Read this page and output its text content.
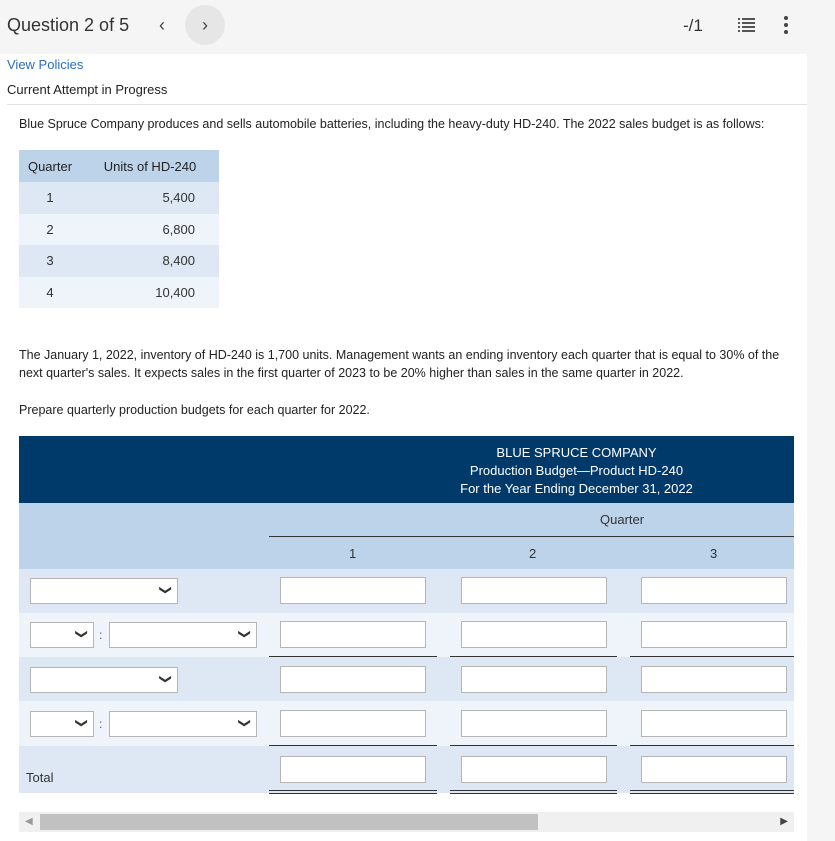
Question 2 of 5	‹	›	-/1
View Policies
Current Attempt in Progress
Blue Spruce Company produces and sells automobile batteries, including the heavy-duty HD-240. The 2022 sales budget is as follows:
Quarter	Units of HD-240
1	5,400
2	6,800
3	8,400
4	10,400
The January 1, 2022, inventory of HD-240 is 1,700 units. Management wants an ending inventory each quarter that is equal to 30% of the next quarter's sales. It expects sales in the first quarter of 2023 to be 20% higher than sales in the same quarter in 2022.
Prepare quarterly production budgets for each quarter for 2022.
BLUE SPRUCE COMPANY
Production Budget—Product HD-240
For the Year Ending December 31, 2022
Quarter
1	2	3
❯
❯ :	❯
❯
❯ :	❯
Total
◀	▶
